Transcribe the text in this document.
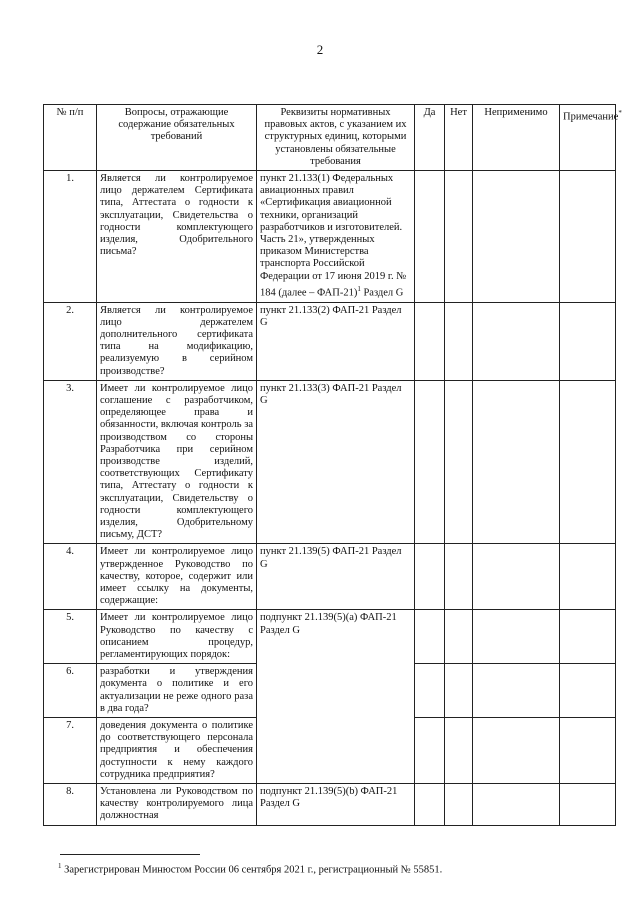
2
№ п/п	Вопросы, отражающие содержание обязательных требований	Реквизиты нормативных правовых актов, с указанием их структурных единиц, которыми установлены обязательные требования	Да	Нет	Неприменимо	Примечание*
1.	Является ли контролируемое лицо держателем Сертификата типа, Аттестата о годности к эксплуатации, Свидетельства о годности комплектующего изделия, Одобрительного письма?	пункт 21.133(1) Федеральных авиационных правил «Сертификация авиационной техники, организаций разработчиков и изготовителей. Часть 21», утвержденных приказом Министерства транспорта Российской Федерации от 17 июня 2019 г. № 184 (далее – ФАП-21)$^1$ Раздел G				
2.	Является ли контролируемое лицо держателем дополнительного сертификата типа на модификацию, реализуемую в серийном производстве?	пункт 21.133(2) ФАП-21 Раздел G				
3.	Имеет ли контролируемое лицо соглашение с разработчиком, определяющее права и обязанности, включая контроль за производством со стороны Разработчика при серийном производстве изделий, соответствующих Сертификату типа, Аттестату о годности к эксплуатации, Свидетельству о годности комплектующего изделия, Одобрительному письму, ДСТ?	пункт 21.133(3) ФАП-21 Раздел G				
4.	Имеет ли контролируемое лицо утвержденное Руководство по качеству, которое, содержит или имеет ссылку на документы, содержащие:	пункт 21.139(5) ФАП-21 Раздел G				
5.	Имеет ли контролируемое лицо Руководство по качеству с описанием процедур, регламентирующих порядок:	подпункт 21.139(5)(a) ФАП-21 Раздел G				
6.	разработки и утверждения документа о политике и его актуализации не реже одного раза в два года?					
7.	доведения документа о политике до соответствующего персонала предприятия и обеспечения доступности к нему каждого сотрудника предприятия?					
8.	Установлена ли Руководством по качеству контролируемого лица должностная	подпункт 21.139(5)(b) ФАП-21 Раздел G				
$^1$ Зарегистрирован Минюстом России 06 сентября 2021 г., регистрационный № 55851.
